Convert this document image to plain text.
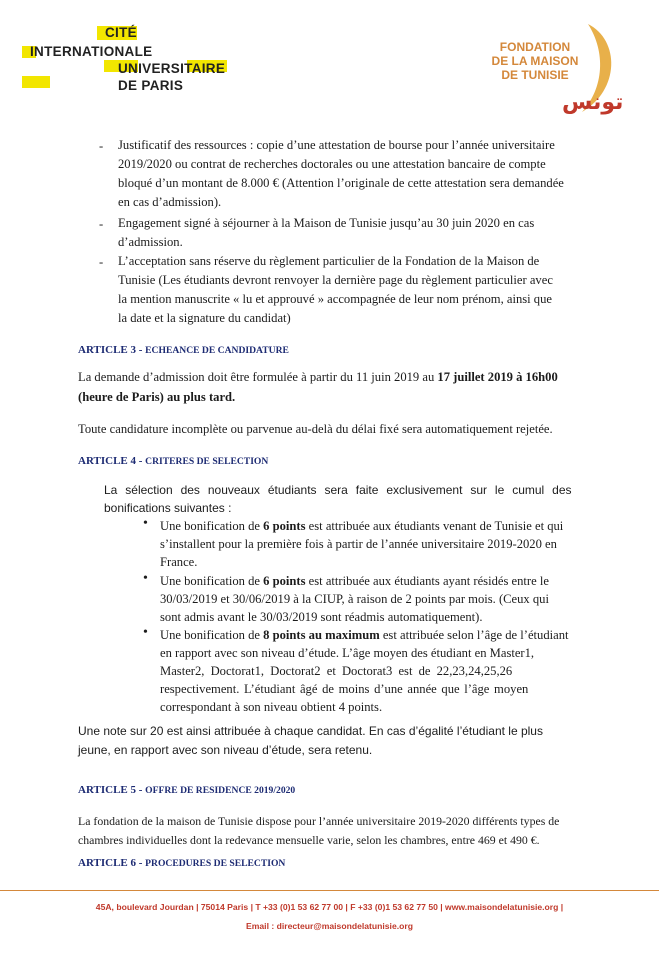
CITÉ
INTERNATIONALE
UNIVERSITAIRE
DE PARIS
FONDATION
DE LA MAISON
DE TUNISIE
تونس
- Justificatif des ressources : copie d’une attestation de bourse pour l’année universitaire
2019/2020 ou contrat de recherches doctorales ou une attestation bancaire de compte
bloqué d’un montant de 8.000 € (Attention l’originale de cette attestation sera demandée
en cas d’admission).
- Engagement signé à séjourner à la Maison de Tunisie jusqu’au 30 juin 2020 en cas
d’admission.
- L’acceptation sans réserve du règlement particulier de la Fondation de la Maison de
Tunisie (Les étudiants devront renvoyer la dernière page du règlement particulier avec
la mention manuscrite « lu et approuvé » accompagnée de leur nom prénom, ainsi que
la date et la signature du candidat)
ARTICLE 3 - ECHEANCE DE CANDIDATURE
La demande d’admission doit être formulée à partir du 11 juin 2019 au 17 juillet 2019 à 16h00
(heure de Paris) au plus tard.
Toute candidature incomplète ou parvenue au-delà du délai fixé sera automatiquement rejetée.
ARTICLE 4 - CRITERES DE SELECTION
La sélection des nouveaux étudiants sera faite exclusivement sur le cumul des
bonifications suivantes :
• Une bonification de 6 points est attribuée aux étudiants venant de Tunisie et qui
s’installent pour la première fois à partir de l’année universitaire 2019-2020 en
France.
• Une bonification de 6 points est attribuée aux étudiants ayant résidés entre le
30/03/2019 et 30/06/2019 à la CIUP, à raison de 2 points par mois. (Ceux qui
sont admis avant le 30/03/2019 sont réadmis automatiquement).
• Une bonification de 8 points au maximum est attribuée selon l’âge de l’étudiant
en rapport avec son niveau d’étude. L’âge moyen des étudiant en Master1,
Master2, Doctorat1, Doctorat2 et Doctorat3 est de 22,23,24,25,26
respectivement. L’étudiant âgé de moins d’une année que l’âge moyen
correspondant à son niveau obtient 4 points.
Une note sur 20 est ainsi attribuée à chaque candidat. En cas d’égalité l’étudiant le plus
jeune, en rapport avec son niveau d’étude, sera retenu.
ARTICLE 5 - OFFRE DE RESIDENCE 2019/2020
La fondation de la maison de Tunisie dispose pour l’année universitaire 2019-2020 différents types de
chambres individuelles dont la redevance mensuelle varie, selon les chambres, entre 469 et 490 €.
ARTICLE 6 - PROCEDURES DE SELECTION
45A, boulevard Jourdan | 75014 Paris | T +33 (0)1 53 62 77 00 | F +33 (0)1 53 62 77 50 | www.maisondelatunisie.org |
Email : directeur@maisondelatunisie.org
